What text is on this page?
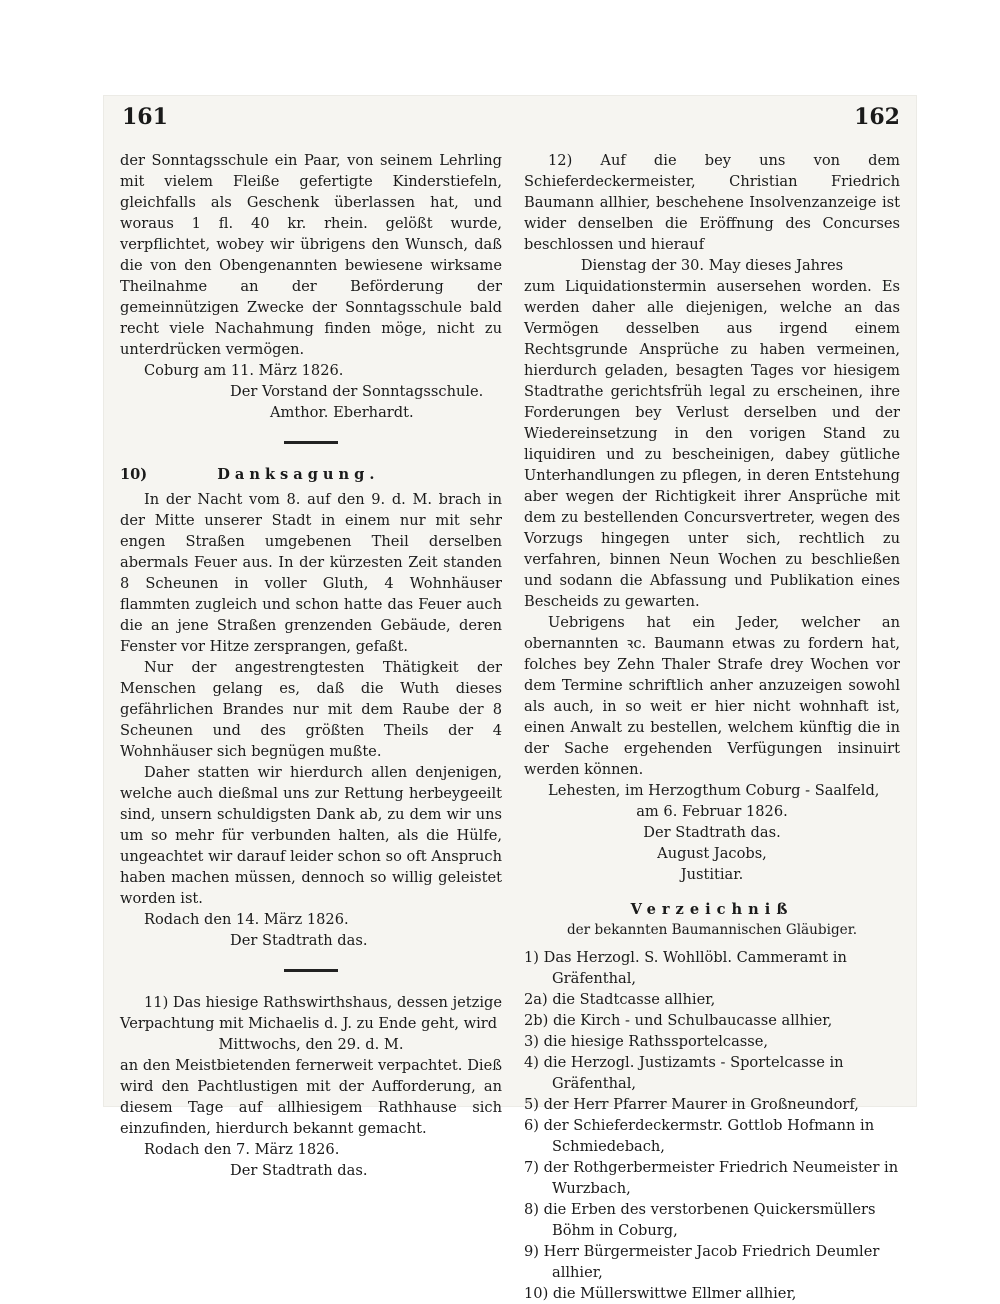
161	162

der Sonntagsschule ein Paar, von seinem Lehrling mit vielem Fleiße gefertigte Kinderstiefeln, gleichfalls als Geschenk überlassen hat, und woraus 1 fl. 40 kr. rhein. gelößt wurde, verpflichtet, wobey wir übrigens den Wunsch, daß die von den Obengenannten bewiesene wirksame Theilnahme an der Beförderung der gemeinnützigen Zwecke der Sonntagsschule bald recht viele Nachahmung finden möge, nicht zu unterdrücken vermögen.

Coburg am 11. März 1826.

Der Vorstand der Sonntagsschule.

Amthor. Eberhardt.

10)	Danksagung.

In der Nacht vom 8. auf den 9. d. M. brach in der Mitte unserer Stadt in einem nur mit sehr engen Straßen umgebenen Theil derselben abermals Feuer aus. In der kürzesten Zeit standen 8 Scheunen in voller Gluth, 4 Wohnhäuser flammten zugleich und schon hatte das Feuer auch die an jene Straßen grenzenden Gebäude, deren Fenster vor Hitze zersprangen, gefaßt.

Nur der angestrengtesten Thätigkeit der Menschen gelang es, daß die Wuth dieses gefährlichen Brandes nur mit dem Raube der 8 Scheunen und des größten Theils der 4 Wohnhäuser sich begnügen mußte.

Daher statten wir hierdurch allen denjenigen, welche auch dießmal uns zur Rettung herbeygeeilt sind, unsern schuldigsten Dank ab, zu dem wir uns um so mehr für verbunden halten, als die Hülfe, ungeachtet wir darauf leider schon so oft Anspruch haben machen müssen, dennoch so willig geleistet worden ist.

Rodach den 14. März 1826.

Der Stadtrath das.

11) Das hiesige Rathswirthshaus, dessen jetzige Verpachtung mit Michaelis d. J. zu Ende geht, wird

Mittwochs, den 29. d. M.

an den Meistbietenden fernerweit verpachtet. Dieß wird den Pachtlustigen mit der Aufforderung, an diesem Tage auf allhiesigem Rathhause sich einzufinden, hierdurch bekannt gemacht.

Rodach den 7. März 1826.

Der Stadtrath das.

12) Auf die bey uns von dem Schieferdeckermeister, Christian Friedrich Baumann allhier, beschehene Insolvenzanzeige ist wider denselben die Eröffnung des Concurses beschlossen und hierauf

Dienstag der 30. May dieses Jahres

zum Liquidationstermin ausersehen worden. Es werden daher alle diejenigen, welche an das Vermögen desselben aus irgend einem Rechtsgrunde Ansprüche zu haben vermeinen, hierdurch geladen, besagten Tages vor hiesigem Stadtrathe gerichtsfrüh legal zu erscheinen, ihre Forderungen bey Verlust derselben und der Wiedereinsetzung in den vorigen Stand zu liquidiren und zu bescheinigen, dabey gütliche Unterhandlungen zu pflegen, in deren Entstehung aber wegen der Richtigkeit ihrer Ansprüche mit dem zu bestellenden Concursvertreter, wegen des Vorzugs hingegen unter sich, rechtlich zu verfahren, binnen Neun Wochen zu beschließen und sodann die Abfassung und Publikation eines Bescheids zu gewarten.

Uebrigens hat ein Jeder, welcher an obernannten ꝛc. Baumann etwas zu fordern hat, folches bey Zehn Thaler Strafe drey Wochen vor dem Termine schriftlich anher anzuzeigen sowohl als auch, in so weit er hier nicht wohnhaft ist, einen Anwalt zu bestellen, welchem künftig die in der Sache ergehenden Verfügungen insinuirt werden können.

Lehesten, im Herzogthum Coburg - Saalfeld,

am 6. Februar 1826.

Der Stadtrath das.

August Jacobs,

Justitiar.

Verzeichniß

der bekannten Baumannischen Gläubiger.

1) Das Herzogl. S. Wohllöbl. Cammeramt in Gräfenthal,
2a) die Stadtcasse allhier,
2b) die Kirch - und Schulbaucasse allhier,
3) die hiesige Rathssportelcasse,
4) die Herzogl. Justizamts - Sportelcasse in Gräfenthal,
5) der Herr Pfarrer Maurer in Großneundorf,
6) der Schieferdeckermstr. Gottlob Hofmann in Schmiedebach,
7) der Rothgerbermeister Friedrich Neumeister in Wurzbach,
8) die Erben des verstorbenen Quickersmüllers Böhm in Coburg,
9) Herr Bürgermeister Jacob Friedrich Deumler allhier,
10) die Müllerswittwe Ellmer allhier,
